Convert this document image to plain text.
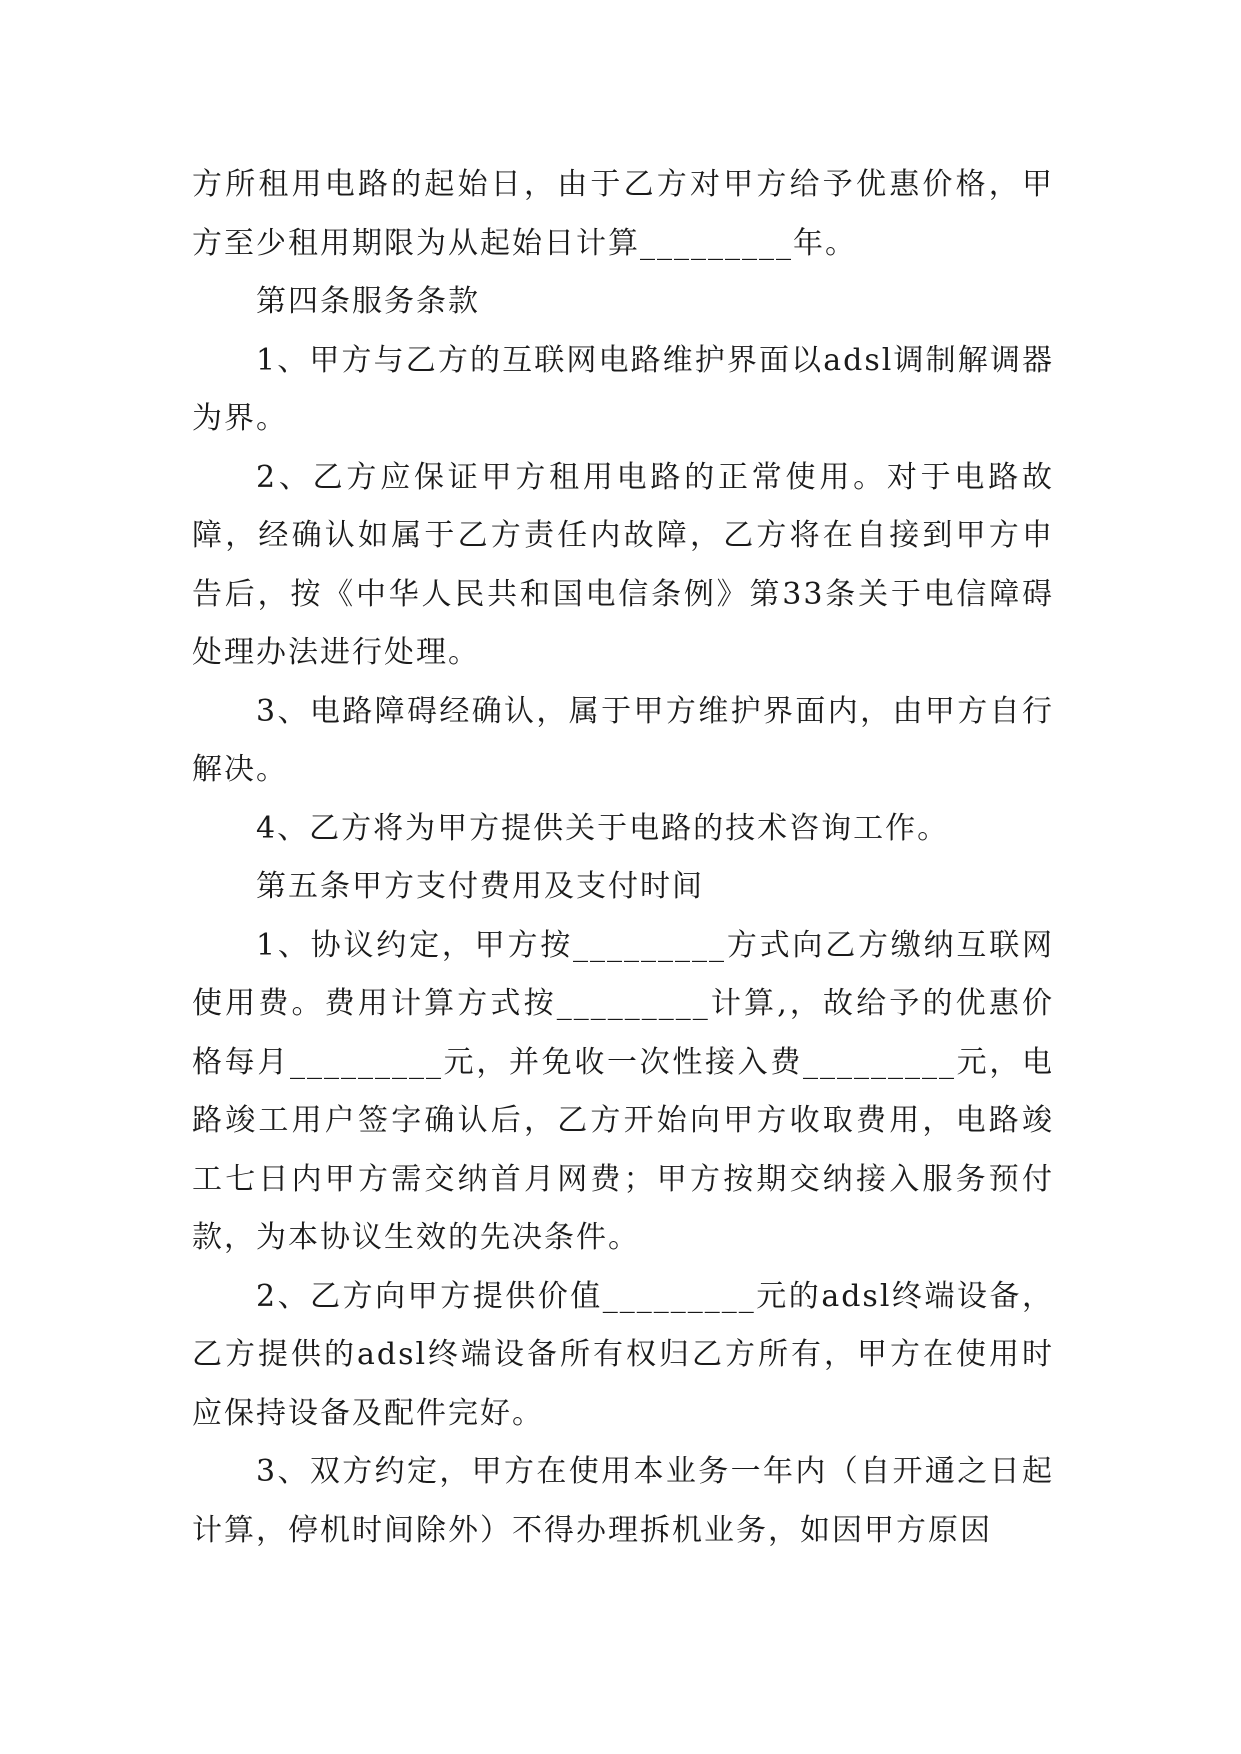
方所租用电路的起始日，由于乙方对甲方给予优惠价格，甲方至少租用期限为从起始日计算_________年。

第四条服务条款

1、甲方与乙方的互联网电路维护界面以adsl调制解调器为界。

2、乙方应保证甲方租用电路的正常使用。对于电路故障，经确认如属于乙方责任内故障，乙方将在自接到甲方申告后，按《中华人民共和国电信条例》第33条关于电信障碍处理办法进行处理。

3、电路障碍经确认，属于甲方维护界面内，由甲方自行解决。

4、乙方将为甲方提供关于电路的技术咨询工作。

第五条甲方支付费用及支付时间

1、协议约定，甲方按_________方式向乙方缴纳互联网使用费。费用计算方式按_________计算,，故给予的优惠价格每月_________元，并免收一次性接入费_________元，电路竣工用户签字确认后，乙方开始向甲方收取费用，电路竣工七日内甲方需交纳首月网费；甲方按期交纳接入服务预付款，为本协议生效的先决条件。

2、乙方向甲方提供价值_________元的adsl终端设备，乙方提供的adsl终端设备所有权归乙方所有，甲方在使用时应保持设备及配件完好。

3、双方约定，甲方在使用本业务一年内（自开通之日起计算，停机时间除外）不得办理拆机业务，如因甲方原因
